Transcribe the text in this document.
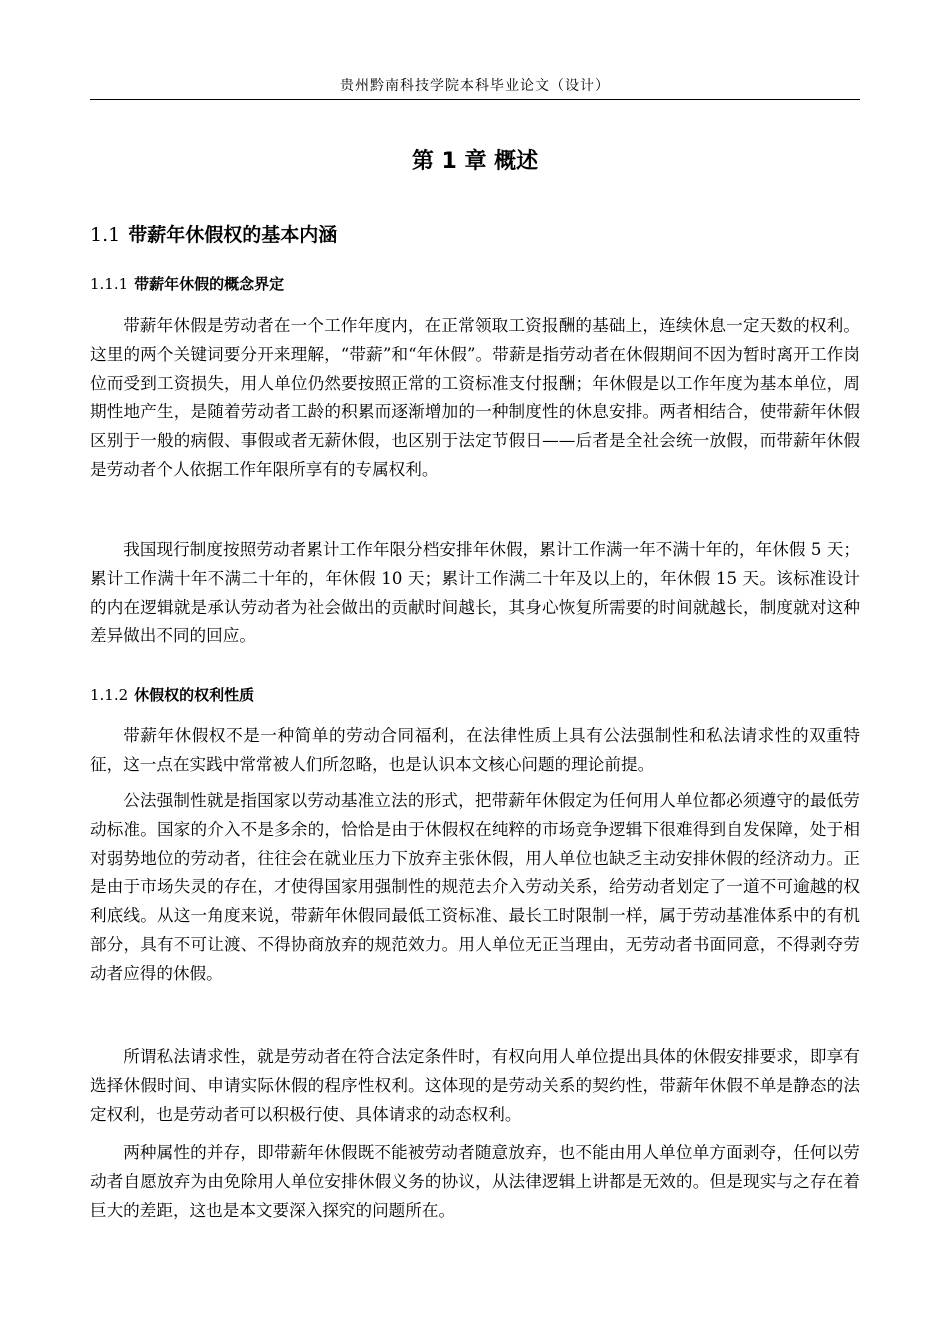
贵州黔南科技学院本科毕业论文（设计）
第 1 章 概述
1.1 带薪年休假权的基本内涵
1.1.1 带薪年休假的概念界定

带薪年休假是劳动者在一个工作年度内，在正常领取工资报酬的基础上，连续休息一定天数的权利。这里的两个关键词要分开来理解，“带薪”和“年休假”。带薪是指劳动者在休假期间不因为暂时离开工作岗位而受到工资损失，用人单位仍然要按照正常的工资标准支付报酬；年休假是以工作年度为基本单位，周期性地产生，是随着劳动者工龄的积累而逐渐增加的一种制度性的休息安排。两者相结合，使带薪年休假区别于一般的病假、事假或者无薪休假，也区别于法定节假日——后者是全社会统一放假，而带薪年休假是劳动者个人依据工作年限所享有的专属权利。

我国现行制度按照劳动者累计工作年限分档安排年休假，累计工作满一年不满十年的，年休假 5 天；累计工作满十年不满二十年的，年休假 10 天；累计工作满二十年及以上的，年休假 15 天。该标准设计的内在逻辑就是承认劳动者为社会做出的贡献时间越长，其身心恢复所需要的时间就越长，制度就对这种差异做出不同的回应。

1.1.2 休假权的权利性质

带薪年休假权不是一种简单的劳动合同福利，在法律性质上具有公法强制性和私法请求性的双重特征，这一点在实践中常常被人们所忽略，也是认识本文核心问题的理论前提。

公法强制性就是指国家以劳动基准立法的形式，把带薪年休假定为任何用人单位都必须遵守的最低劳动标准。国家的介入不是多余的，恰恰是由于休假权在纯粹的市场竞争逻辑下很难得到自发保障，处于相对弱势地位的劳动者，往往会在就业压力下放弃主张休假，用人单位也缺乏主动安排休假的经济动力。正是由于市场失灵的存在，才使得国家用强制性的规范去介入劳动关系，给劳动者划定了一道不可逾越的权利底线。从这一角度来说，带薪年休假同最低工资标准、最长工时限制一样，属于劳动基准体系中的有机部分，具有不可让渡、不得协商放弃的规范效力。用人单位无正当理由，无劳动者书面同意，不得剥夺劳动者应得的休假。

所谓私法请求性，就是劳动者在符合法定条件时，有权向用人单位提出具体的休假安排要求，即享有选择休假时间、申请实际休假的程序性权利。这体现的是劳动关系的契约性，带薪年休假不单是静态的法定权利，也是劳动者可以积极行使、具体请求的动态权利。

两种属性的并存，即带薪年休假既不能被劳动者随意放弃，也不能由用人单位单方面剥夺，任何以劳动者自愿放弃为由免除用人单位安排休假义务的协议，从法律逻辑上讲都是无效的。但是现实与之存在着巨大的差距，这也是本文要深入探究的问题所在。
